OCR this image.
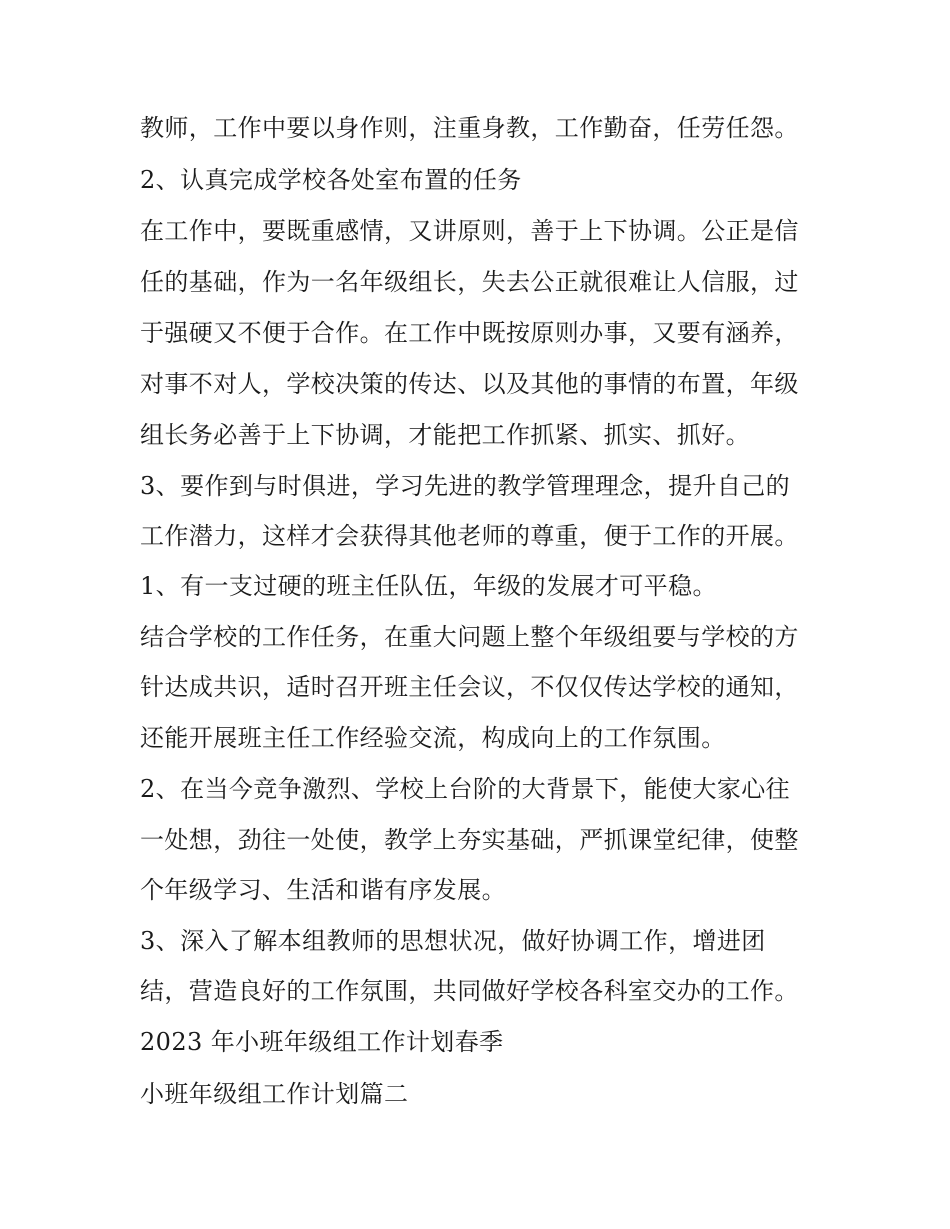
教师，工作中要以身作则，注重身教，工作勤奋，任劳任怨。
2、认真完成学校各处室布置的任务
在工作中，要既重感情，又讲原则，善于上下协调。公正是信
任的基础，作为一名年级组长，失去公正就很难让人信服，过
于强硬又不便于合作。在工作中既按原则办事，又要有涵养，
对事不对人，学校决策的传达、以及其他的事情的布置，年级
组长务必善于上下协调，才能把工作抓紧、抓实、抓好。
3、要作到与时俱进，学习先进的教学管理理念，提升自己的
工作潜力，这样才会获得其他老师的尊重，便于工作的开展。
1、有一支过硬的班主任队伍，年级的发展才可平稳。
结合学校的工作任务，在重大问题上整个年级组要与学校的方
针达成共识，适时召开班主任会议，不仅仅传达学校的通知，
还能开展班主任工作经验交流，构成向上的工作氛围。
2、在当今竞争激烈、学校上台阶的大背景下，能使大家心往
一处想，劲往一处使，教学上夯实基础，严抓课堂纪律，使整
个年级学习、生活和谐有序发展。
3、深入了解本组教师的思想状况，做好协调工作，增进团
结，营造良好的工作氛围，共同做好学校各科室交办的工作。
2023 年小班年级组工作计划春季
小班年级组工作计划篇二
